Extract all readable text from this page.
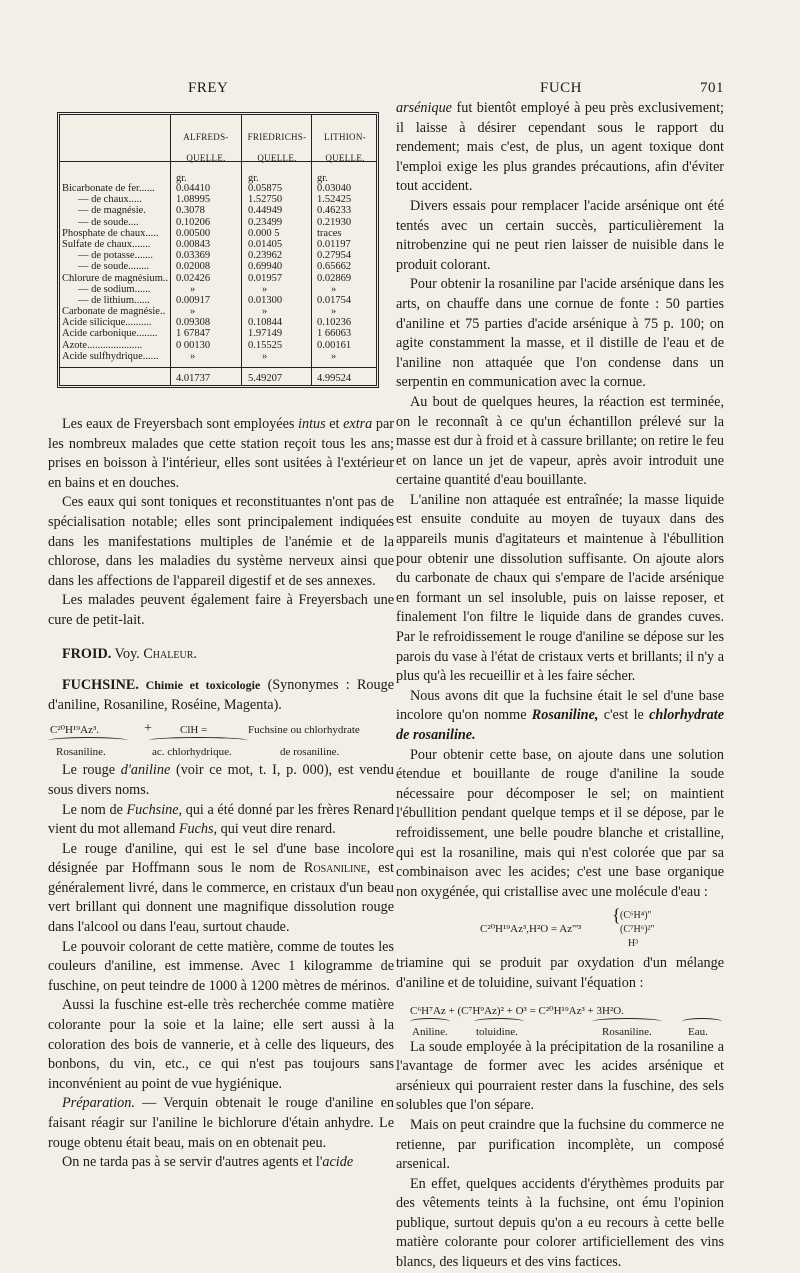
FREY	FUCH	701
ALFREDS-QUELLE.
FRIEDRICHS-QUELLE.
LITHION-QUELLE.
gr.	gr.	gr.
Bicarbonate de fer......	0.04410	0.05875	0.03040
— de chaux.....	1.08995	1.52750	1.52425
— de magnésie.	0.3078	0.44949	0.46233
— de soude....	0.10206	0.23499	0.21930
Phosphate de chaux.....	0.00500	0.000 5	traces
Sulfate de chaux.......	0.00843	0.01405	0.01197
— de potasse.......	0.03369	0.23962	0.27954
— de soude........	0.02008	0.69940	0.65662
Chlorure de magnésium.. 0.02426	0.01957	0.02869
— de sodium......	»	»	»
— de lithium......	0.00917	0.01300	0.01754
Carbonate de magnésie..	»	»	»
Acide silicique..........	0.09308	0.10844	0.10236
Acide carbonique........	1 67847	1.97149	1 66063
Azote.....................	0 00130	0.15525	0.00161
Acide sulfhydrique......	»	»	»
4.01737	5.49207	4.99524

Les eaux de Freyersbach sont employées intus et extra par les nombreux malades que cette station reçoit tous les ans; prises en boisson à l'intérieur, elles sont usitées à l'extérieur en bains et en douches.

Ces eaux qui sont toniques et reconstituantes n'ont pas de spécialisation notable; elles sont principalement indiquées dans les manifestations multiples de l'anémie et de la chlorose, dans les maladies du système nerveux ainsi que dans les affections de l'appareil digestif et de ses annexes.

Les malades peuvent également faire à Freyersbach une cure de petit-lait.

FROID. Voy. Chaleur.

FUCHSINE. Chimie et toxicologie (Synonymes : Rouge d'aniline, Rosaniline, Roséine, Magenta).

C²⁰H¹⁹Az³.	+	ClH =	Fuchsine ou chlorhydrate
Rosaniline.	ac. chlorhydrique.	de rosaniline.

Le rouge d'aniline (voir ce mot, t. I, p. 000), est vendu sous divers noms.

Le nom de Fuchsine, qui a été donné par les frères Renard vient du mot allemand Fuchs, qui veut dire renard.

Le rouge d'aniline, qui est le sel d'une base incolore désignée par Hoffmann sous le nom de Rosaniline, est généralement livré, dans le commerce, en cristaux d'un beau vert brillant qui donnent une magnifique dissolution rouge dans l'alcool ou dans l'eau, surtout chaude.

Le pouvoir colorant de cette matière, comme de toutes les couleurs d'aniline, est immense. Avec 1 kilogramme de fuschine, on peut teindre de 1000 à 1200 mètres de mérinos.

Aussi la fuschine est-elle très recherchée comme matière colorante pour la soie et la laine; elle sert aussi à la coloration des bois de vannerie, et à celle des liqueurs, des bonbons, du vin, etc., ce qui n'est pas toujours sans inconvénient au point de vue hygiénique.

Préparation. — Verquin obtenait le rouge d'aniline en faisant réagir sur l'aniline le bichlorure d'étain anhydre. Le rouge obtenu était beau, mais on en obtenait peu.

On ne tarda pas à se servir d'autres agents et l'acide

arsénique fut bientôt employé à peu près exclusivement; il laisse à désirer cependant sous le rapport du rendement; mais c'est, de plus, un agent toxique dont l'emploi exige les plus grandes précautions, afin d'éviter tout accident.

Divers essais pour remplacer l'acide arsénique ont été tentés avec un certain succès, particulièrement la nitrobenzine qui ne peut rien laisser de nuisible dans le produit colorant.

Pour obtenir la rosaniline par l'acide arsénique dans les arts, on chauffe dans une cornue de fonte : 50 parties d'aniline et 75 parties d'acide arsénique à 75 p. 100; on agite constamment la masse, et il distille de l'eau et de l'aniline non attaquée que l'on condense dans un serpentin en communication avec la cornue.

Au bout de quelques heures, la réaction est terminée, on le reconnaît à ce qu'un échantillon prélevé sur la masse est dur à froid et à cassure brillante; on retire le feu et on lance un jet de vapeur, après avoir introduit une certaine quantité d'eau bouillante.

L'aniline non attaquée est entraînée; la masse liquide est ensuite conduite au moyen de tuyaux dans des appareils munis d'agitateurs et maintenue à l'ébullition pour obtenir une dissolution suffisante. On ajoute alors du carbonate de chaux qui s'empare de l'acide arsénique en formant un sel insoluble, puis on laisse reposer, et finalement l'on filtre le liquide dans de grandes cuves. Par le refroidissement le rouge d'aniline se dépose sur les parois du vase à l'état de cristaux verts et brillants; il n'y a plus qu'à les recueillir et à les faire sécher.

Nous avons dit que la fuchsine était le sel d'une base incolore qu'on nomme Rosaniline, c'est le chlorhydrate de rosaniline.

Pour obtenir cette base, on ajoute dans une solution étendue et bouillante de rouge d'aniline la soude nécessaire pour décomposer le sel; on maintient l'ébullition pendant quelque temps et il se dépose, par le refroidissement, une belle poudre blanche et cristalline, qui est la rosaniline, mais qui n'est colorée que par sa combinaison avec les acides; c'est une base organique non oxygénée, qui cristallise avec une molécule d'eau :

C²⁰H¹⁹Az³,H²O = Az'''³
{ (C⁶H⁴)''
(C⁷H⁶)²''
H³

triamine qui se produit par oxydation d'un mélange d'aniline et de toluidine, suivant l'équation :

C⁶H⁷Az + (C⁷H⁹Az)² + O³ = C²⁰H¹⁹Az³ + 3H²O.
Aniline.	toluidine.	Rosaniline.	Eau.

La soude employée à la précipitation de la rosaniline a l'avantage de former avec les acides arsénique et arsénieux qui pourraient rester dans la fuschine, des sels solubles que l'on sépare.

Mais on peut craindre que la fuchsine du commerce ne retienne, par purification incomplète, un composé arsenical.

En effet, quelques accidents d'érythèmes produits par des vêtements teints à la fuchsine, ont ému l'opinion publique, surtout depuis qu'on a eu recours à cette belle matière colorante pour colorer artificiellement des vins blancs, des liqueurs et des vins factices.
